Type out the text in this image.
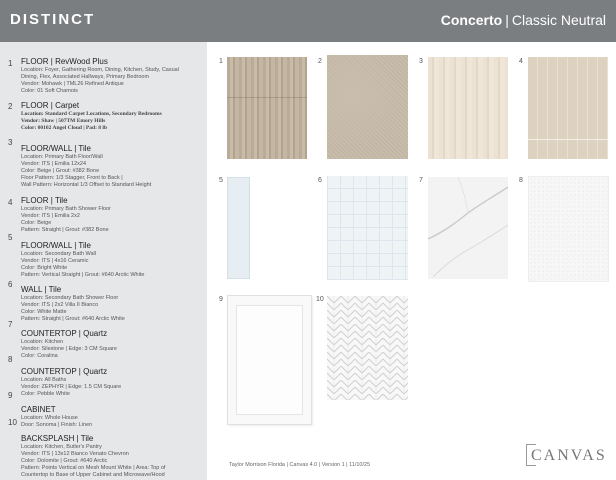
DISTINCT	Concerto | Classic Neutral
1 FLOOR | RevWood Plus
Location: Foyer, Gathering Room, Dining, Kitchen, Study, Casual
Dining, Flex, Associated Hallways, Primary Bedroom
Vendor: Mohawk | TML26 Refined Antique
Color: 01 Soft Chamois
2 FLOOR | Carpet
Location: Standard Carpet Locations, Secondary Bedrooms
Vendor: Shaw | 507TM Emory Hills
Color: 00102 Angel Cloud | Pad: 8 lb
3
FLOOR/WALL | Tile
Location: Primary Bath Floor/Wall
Vendor: ITS | Emilia 12x24
Color: Beige | Grout: #382 Bone
Floor Pattern: 1/3 Stagger, Front to Back |
Wall Pattern: Horizontal 1/3 Offset to Standard Height
4 FLOOR | Tile
Location: Primary Bath Shower Floor
Vendor: ITS | Emilia 2x2
Color: Beige
Pattern: Straight | Grout: #382 Bone
5
FLOOR/WALL | Tile
Location: Secondary Bath Wall
Vendor: ITS | 4x16 Ceramic
Color: Bright White
Pattern: Vertical Straight | Grout: #640 Arctic White
6
WALL | Tile
Location: Secondary Bath Shower Floor
Vendor: ITS | 2x2 Villa II Bianco
Color: White Matte
Pattern: Straight | Grout: #640 Arctic White
7
COUNTERTOP | Quartz
Location: Kitchen
Vendor: Silestone | Edge: 3 CM Square
Color: Coralina
8
COUNTERTOP | Quartz
Location: All Baths
Vendor: ZEPHYR | Edge: 1.5 CM Square
Color: Pebble White
9
CABINET
Location: Whole House
Door: Sonoma | Finish: Linen
10
BACKSPLASH | Tile
Location: Kitchen, Butler's Pantry
Vendor: ITS | 13x12 Bianco Venato Chevron
Color: Dolomite | Grout: #640 Arctic
Pattern: Points Vertical on Mesh Mount White | Area: Top of
Countertop to Base of Upper Cabinet and Microwave/Hood
1	2	3	4
5	6	7	8
9	10
Taylor Morrison Florida | Canvas 4.0 | Version 1 | 11/10/25
CANVAS
